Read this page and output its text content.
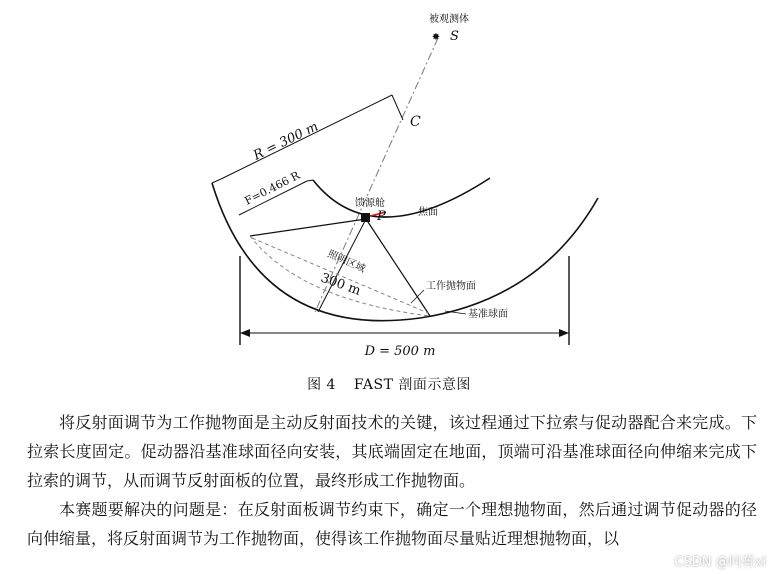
✸
被观测体
S
C
R = 300 m
F=0.466 R	馈源舱
P	焦面
照明区域
300 m	工作抛物面
基准球面
D = 500 m
图 4 FAST 剖面示意图

将反射面调节为工作抛物面是主动反射面技术的关键，该过程通过下拉索与促动器配合来完成。下拉索长度固定。促动器沿基准球面径向安装，其底端固定在地面，顶端可沿基准球面径向伸缩来完成下拉索的调节，从而调节反射面板的位置，最终形成工作抛物面。

本赛题要解决的问题是：在反射面板调节约束下，确定一个理想抛物面，然后通过调节促动器的径向伸缩量，将反射面调节为工作抛物面，使得该工作抛物面尽量贴近理想抛物面，以

CSDN @冋蓇xl
